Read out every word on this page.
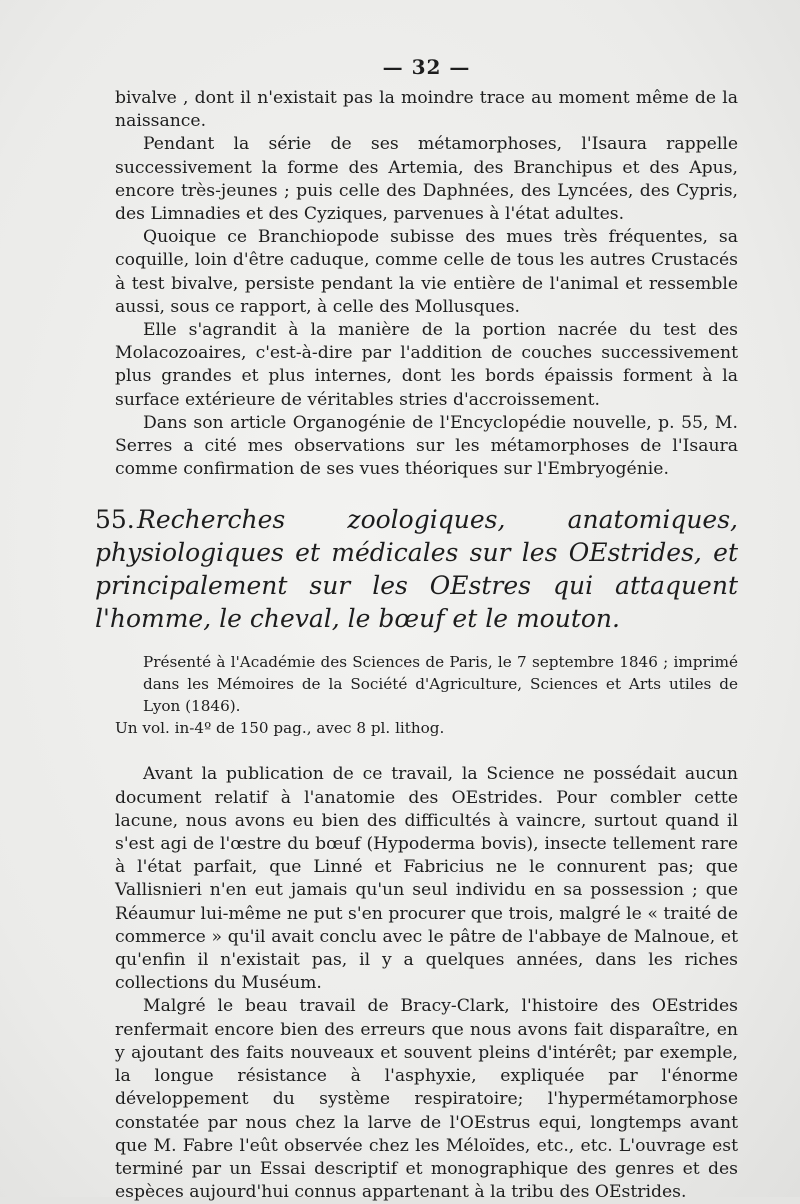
— 32 —

bivalve , dont il n'existait pas la moindre trace au moment même de la naissance.

Pendant la série de ses métamorphoses, l'Isaura rappelle successivement la forme des Artemia, des Branchipus et des Apus, encore très-jeunes ; puis celle des Daphnées, des Lyncées, des Cypris, des Limnadies et des Cyziques, parvenues à l'état adultes.

Quoique ce Branchiopode subisse des mues très fréquentes, sa coquille, loin d'être caduque, comme celle de tous les autres Crustacés à test bivalve, persiste pendant la vie entière de l'animal et ressemble aussi, sous ce rapport, à celle des Mollusques.

Elle s'agrandit à la manière de la portion nacrée du test des Molacozoaires, c'est-à-dire par l'addition de couches successivement plus grandes et plus internes, dont les bords épaissis forment à la surface extérieure de véritables stries d'accroissement.

Dans son article Organogénie de l'Encyclopédie nouvelle, p. 55, M. Serres a cité mes observations sur les métamorphoses de l'Isaura comme confirmation de ses vues théoriques sur l'Embryogénie.

55.Recherches zoologiques, anatomiques, physiologiques et médicales sur les OEstrides, et principalement sur les OEstres qui attaquent l'homme, le cheval, le bœuf et le mouton.
Présenté à l'Académie des Sciences de Paris, le 7 septembre 1846 ; imprimé dans les Mémoires de la Société d'Agriculture, Sciences et Arts utiles de Lyon (1846).
Un vol. in-4º de 150 pag., avec 8 pl. lithog.

Avant la publication de ce travail, la Science ne possédait aucun document relatif à l'anatomie des OEstrides. Pour combler cette lacune, nous avons eu bien des difficultés à vaincre, surtout quand il s'est agi de l'œstre du bœuf (Hypoderma bovis), insecte tellement rare à l'état parfait, que Linné et Fabricius ne le connurent pas; que Vallisnieri n'en eut jamais qu'un seul individu en sa possession ; que Réaumur lui-même ne put s'en procurer que trois, malgré le « traité de commerce » qu'il avait conclu avec le pâtre de l'abbaye de Malnoue, et qu'enfin il n'existait pas, il y a quelques années, dans les riches collections du Muséum.

Malgré le beau travail de Bracy-Clark, l'histoire des OEstrides renfermait encore bien des erreurs que nous avons fait disparaître, en y ajoutant des faits nouveaux et souvent pleins d'intérêt; par exemple, la longue résistance à l'asphyxie, expliquée par l'énorme développement du système respiratoire; l'hypermétamorphose constatée par nous chez la larve de l'OEstrus equi, longtemps avant que M. Fabre l'eût observée chez les Méloïdes, etc., etc. L'ouvrage est terminé par un Essai descriptif et monographique des genres et des espèces aujourd'hui connus appartenant à la tribu des OEstrides.
